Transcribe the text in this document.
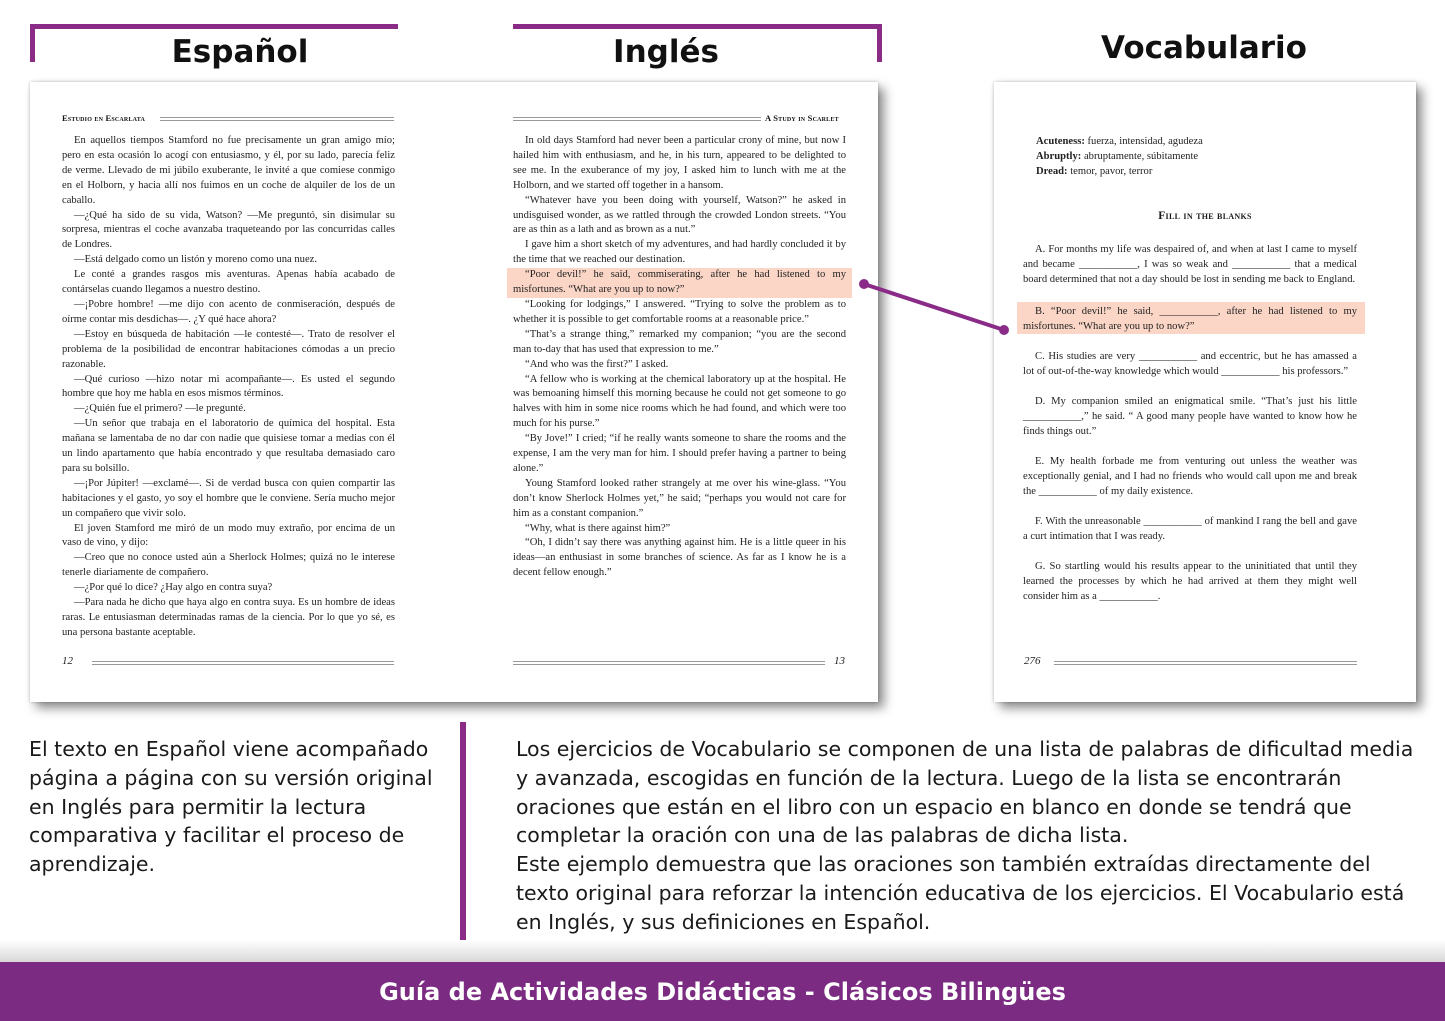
Español	Inglés	Vocabulario
Estudio en Escarlata

En aquellos tiempos Stamford no fue precisamente un gran amigo mío; pero en esta ocasión lo acogí con entusiasmo, y él, por su lado, parecía feliz de verme. Llevado de mi júbilo exuberante, le invité a que comiese conmigo en el Holborn, y hacia allí nos fuimos en un coche de alquiler de los de un caballo.

—¿Qué ha sido de su vida, Watson? —Me preguntó, sin disimular su sorpresa, mientras el coche avanzaba traqueteando por las concurridas calles de Londres.

—Está delgado como un listón y moreno como una nuez.

Le conté a grandes rasgos mis aventuras. Apenas había acabado de contárselas cuando llegamos a nuestro destino.

—¡Pobre hombre! —me dijo con acento de conmiseración, después de oírme contar mis desdichas—. ¿Y qué hace ahora?

—Estoy en búsqueda de habitación —le contesté—. Trato de resolver el problema de la posibilidad de encontrar habitaciones cómodas a un precio razonable.

—Qué curioso —hizo notar mi acompañante—. Es usted el segundo hombre que hoy me habla en esos mismos términos.

—¿Quién fue el primero? —le pregunté.

—Un señor que trabaja en el laboratorio de química del hospital. Esta mañana se lamentaba de no dar con nadie que quisiese tomar a medias con él un lindo apartamento que había encontrado y que resultaba demasiado caro para su bolsillo.

—¡Por Júpiter! —exclamé—. Si de verdad busca con quien compartir las habitaciones y el gasto, yo soy el hombre que le conviene. Sería mucho mejor un compañero que vivir solo.

El joven Stamford me miró de un modo muy extraño, por encima de un vaso de vino, y dijo:

—Creo que no conoce usted aún a Sherlock Holmes; quizá no le interese tenerle diariamente de compañero.

—¿Por qué lo dice? ¿Hay algo en contra suya?

—Para nada he dicho que haya algo en contra suya. Es un hombre de ideas raras. Le entusiasman determinadas ramas de la ciencia. Por lo que yo sé, es una persona bastante aceptable.

12
A Study in Scarlet

In old days Stamford had never been a particular crony of mine, but now I hailed him with enthusiasm, and he, in his turn, appeared to be delighted to see me. In the exuberance of my joy, I asked him to lunch with me at the Holborn, and we started off together in a hansom.

“Whatever have you been doing with yourself, Watson?” he asked in undisguised wonder, as we rattled through the crowded London streets. “You are as thin as a lath and as brown as a nut.”

I gave him a short sketch of my adventures, and had hardly concluded it by the time that we reached our destination.

“Poor devil!” he said, commiserating, after he had listened to my misfortunes. “What are you up to now?”

“Looking for lodgings,” I answered. “Trying to solve the problem as to whether it is possible to get comfortable rooms at a reasonable price.”

“That’s a strange thing,” remarked my companion; “you are the second man to-day that has used that expression to me.”

“And who was the first?” I asked.

“A fellow who is working at the chemical laboratory up at the hospital. He was bemoaning himself this morning because he could not get someone to go halves with him in some nice rooms which he had found, and which were too much for his purse.”

“By Jove!” I cried; “if he really wants someone to share the rooms and the expense, I am the very man for him. I should prefer having a partner to being alone.”

Young Stamford looked rather strangely at me over his wine-glass. “You don’t know Sherlock Holmes yet,” he said; “perhaps you would not care for him as a constant companion.”

“Why, what is there against him?”

“Oh, I didn’t say there was anything against him. He is a little queer in his ideas—an enthusiast in some branches of science. As far as I know he is a decent fellow enough.”

13
Acuteness: fuerza, intensidad, agudeza
Abruptly: abruptamente, súbitamente
Dread: temor, pavor, terror
Fill in the blanks

A. For months my life was despaired of, and when at last I came to myself and became ___________, I was so weak and ___________ that a medical board determined that not a day should be lost in sending me back to England.

B. “Poor devil!” he said, ___________, after he had listened to my misfortunes. “What are you up to now?”

C. His studies are very ___________ and eccentric, but he has amassed a lot of out-of-the-way knowledge which would ___________ his professors.”

D. My companion smiled an enigmatical smile. “That’s just his little ___________,” he said. “ A good many people have wanted to know how he finds things out.”

E. My health forbade me from venturing out unless the weather was exceptionally genial, and I had no friends who would call upon me and break the ___________ of my daily existence.

F. With the unreasonable ___________ of mankind I rang the bell and gave a curt intimation that I was ready.

G. So startling would his results appear to the uninitiated that until they learned the processes by which he had arrived at them they might well consider him as a ___________.

276
El texto en Español viene acompañado página a página con su versión original en Inglés para permitir la lectura comparativa y facilitar el proceso de aprendizaje.
Los ejercicios de Vocabulario se componen de una lista de palabras de dificultad media y avanzada, escogidas en función de la lectura. Luego de la lista se encontrarán oraciones que están en el libro con un espacio en blanco en donde se tendrá que completar la oración con una de las palabras de dicha lista.
Este ejemplo demuestra que las oraciones son también extraídas directamente del texto original para reforzar la intención educativa de los ejercicios. El Vocabulario está en Inglés, y sus definiciones en Español.
Guía de Actividades Didácticas - Clásicos Bilingües
